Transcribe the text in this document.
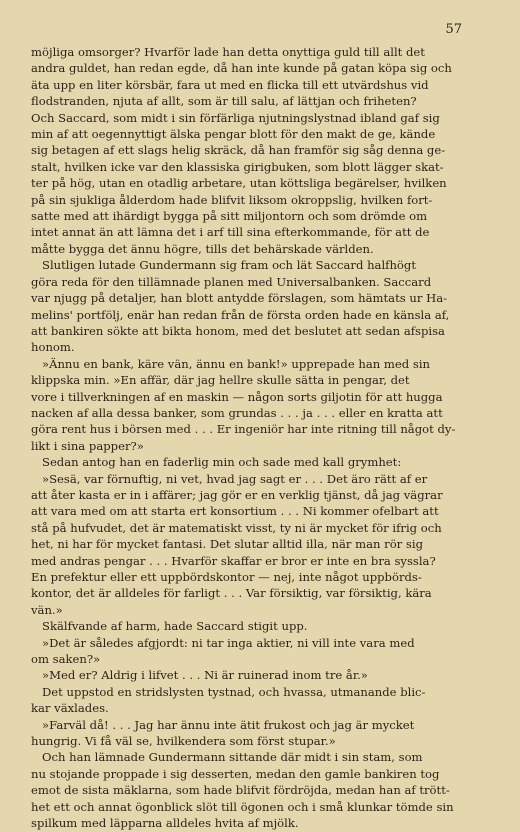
57
möjliga omsorger? Hvarför lade han detta onyttiga guld till allt det
andra guldet, han redan egde, då han inte kunde på gatan köpa sig och
äta upp en liter körsbär, fara ut med en flicka till ett utvärdshus vid
flodstranden, njuta af allt, som är till salu, af lättjan och friheten?
Och Saccard, som midt i sin förfärliga njutningslystnad ibland gaf sig
min af att oegennyttigt älska pengar blott för den makt de ge, kände
sig betagen af ett slags helig skräck, då han framför sig såg denna ge-
stalt, hvilken icke var den klassiska girigbuken, som blott lägger skat-
ter på hög, utan en otadlig arbetare, utan köttsliga begärelser, hvilken
på sin sjukliga ålderdom hade blifvit liksom okroppslig, hvilken fort-
satte med att ihärdigt bygga på sitt miljontorn och som drömde om
intet annat än att lämna det i arf till sina efterkommande, för att de
måtte bygga det ännu högre, tills det behärskade världen.
Slutligen lutade Gundermann sig fram och lät Saccard halfhögt
göra reda för den tillämnade planen med Universalbanken. Saccard
var njugg på detaljer, han blott antydde förslagen, som hämtats ur Ha-
melins' portfölj, enär han redan från de första orden hade en känsla af,
att bankiren sökte att bikta honom, med det beslutet att sedan afspisa
honom.
»Ännu en bank, käre vän, ännu en bank!» upprepade han med sin
klippska min. »En affär, där jag hellre skulle sätta in pengar, det
vore i tillverkningen af en maskin — någon sorts giljotin för att hugga
nacken af alla dessa banker, som grundas . . . ja . . . eller en kratta att
göra rent hus i börsen med . . . Er ingeniör har inte ritning till något dy-
likt i sina papper?»
Sedan antog han en faderlig min och sade med kall grymhet:
»Sesä, var förnuftig, ni vet, hvad jag sagt er . . . Det äro rätt af er
att åter kasta er in i affärer; jag gör er en verklig tjänst, då jag vägrar
att vara med om att starta ert konsortium . . . Ni kommer ofelbart att
stå på hufvudet, det är matematiskt visst, ty ni är mycket för ifrig och
het, ni har för mycket fantasi. Det slutar alltid illa, när man rör sig
med andras pengar . . . Hvarför skaffar er bror er inte en bra syssla?
En prefektur eller ett uppbördskontor — nej, inte något uppbörds-
kontor, det är alldeles för farligt . . . Var försiktig, var försiktig, kära
vän.»
Skälfvande af harm, hade Saccard stigit upp.
»Det är således afgjordt: ni tar inga aktier, ni vill inte vara med
om saken?»
»Med er? Aldrig i lifvet . . . Ni är ruinerad inom tre år.»
Det uppstod en stridslysten tystnad, och hvassa, utmanande blic-
kar växlades.
»Farväl då! . . . Jag har ännu inte ätit frukost och jag är mycket
hungrig. Vi få väl se, hvilkendera som först stupar.»
Och han lämnade Gundermann sittande där midt i sin stam, som
nu stojande proppade i sig desserten, medan den gamle bankiren tog
emot de sista mäklarna, som hade blifvit fördröjda, medan han af trött-
het ett och annat ögonblick slöt till ögonen och i små klunkar tömde sin
spilkum med läpparna alldeles hvita af mjölk.
